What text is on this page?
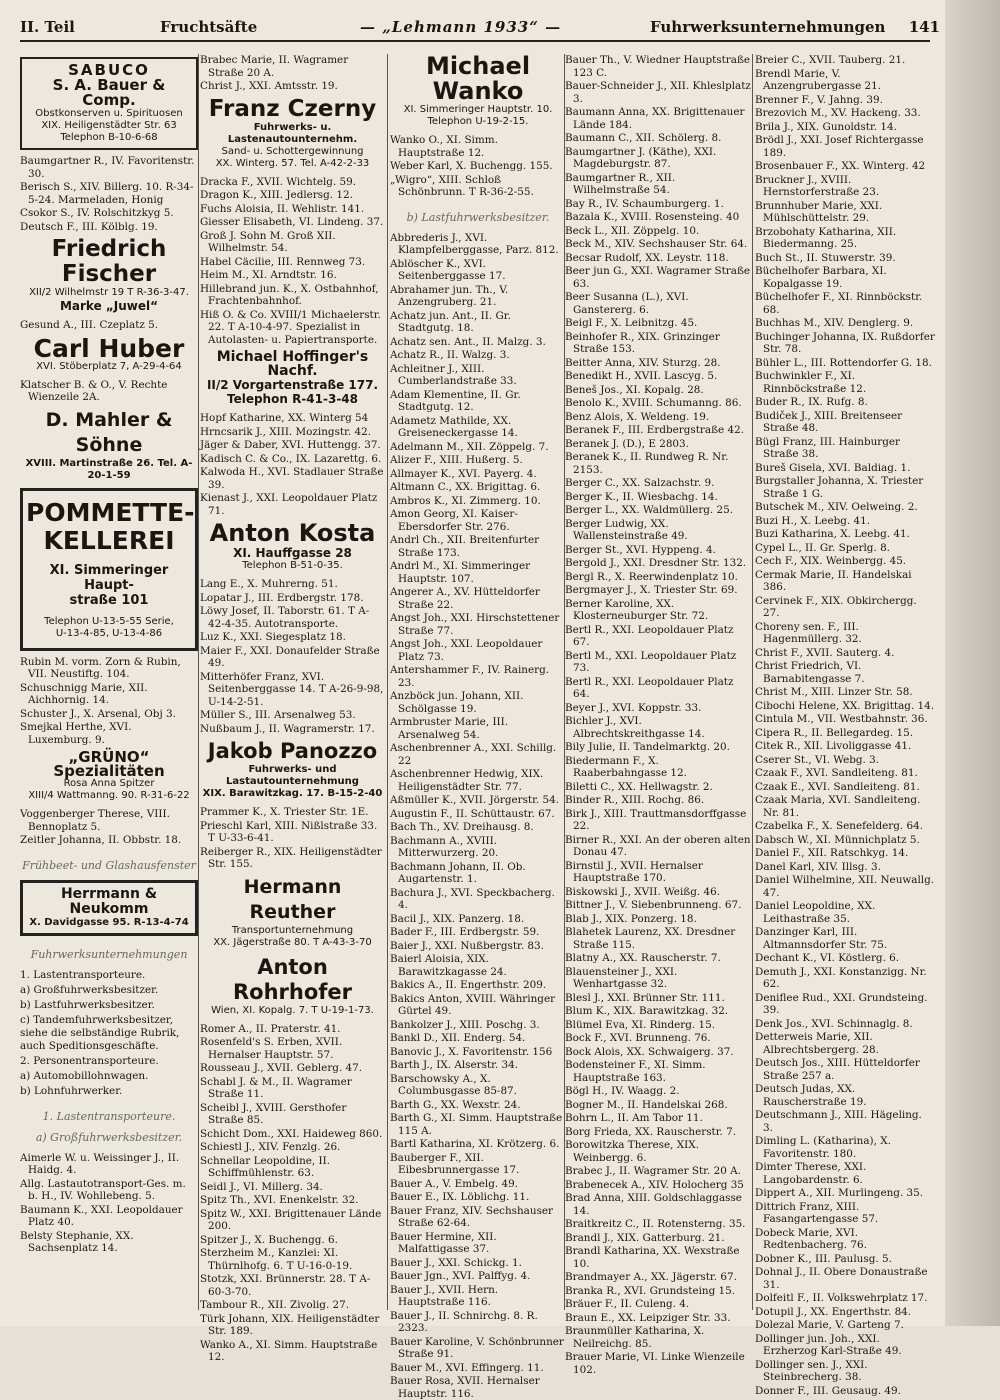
II. Teil	Fruchtsäfte	— „Lehmann 1933“ —	Fuhrwerksunternehmungen 141
SABUCO
S. A. Bauer & Comp.
Obstkonserven u. Spirituosen
XIX. Heiligenstädter Str. 63
Telephon B-10-6-68
Baumgartner R., IV. Favoritenstr. 30.
Berisch S., XIV. Billerg. 10. R-34-5-24. Marmeladen, Honig
Csokor S., IV. Rolschitzkyg 5.
Deutsch F., III. Kölblg. 19.
Friedrich Fischer
XII/2 Wilhelmstr 19 T R-36-3-47.
Marke „Juwel“
Gesund A., III. Czeplatz 5.
Carl Huber
XVI. Stöberplatz 7, A-29-4-64
Klatscher B. & O., V. Rechte Wienzeile 2A.
D. Mahler & Söhne
XVIII. Martinstraße 26. Tel. A-20-1-59
POMMETTE-
KELLEREI
XI. Simmeringer Haupt-
straße 101
Telephon U-13-5-55 Serie,
U-13-4-85, U-13-4-86
Rubin M. vorm. Zorn & Rubin, VII. Neustiftg. 104.
Schuschnigg Marie, XII. Aichhornig. 14.
Schuster J., X. Arsenal, Obj 3.
Smejkal Herthe, XVI. Luxemburg. 9.
„GRÜNO“ Spezialitäten
Rosa Anna Spitzer
XIII/4 Wattmanng. 90. R-31-6-22
Voggenberger Therese, VIII. Bennoplatz 5.
Zeitler Johanna, II. Obbstr. 18.
Frühbeet- und Glashausfenster
Herrmann & Neukomm
X. Davidgasse 95. R-13-4-74
Fuhrwerksunternehmungen
1. Lastentransporteure.
a) Großfuhrwerksbesitzer.
b) Lastfuhrwerksbesitzer.
c) Tandemfuhrwerksbesitzer, siehe die selbständige Rubrik, auch Speditionsgeschäfte.
2. Personentransporteure.
a) Automobillohnwagen.
b) Lohnfuhrwerker.
1. Lastentransporteure.
a) Großfuhrwerksbesitzer.
Aimerle W. u. Weissinger J., II. Haidg. 4.
Allg. Lastautotransport-Ges. m. b. H., IV. Wohllebeng. 5.
Baumann K., XXI. Leopoldauer Platz 40.
Belsty Stephanie, XX. Sachsenplatz 14.
Brabec Marie, II. Wagramer Straße 20 A.
Christ J., XXI. Amtsstr. 19.
Franz Czerny
Fuhrwerks- u. Lastenautounternehm.
Sand- u. Schottergewinnung
XX. Winterg. 57. Tel. A-42-2-33
Dracka F., XVII. Wichtelg. 59.
Dragon K., XIII. Jedlersg. 12.
Fuchs Aloisia, II. Wehlistr. 141.
Giesser Elisabeth, VI. Lindeng. 37.
Groß J. Sohn M. Groß XII. Wilhelmstr. 54.
Habel Cäcilie, III. Rennweg 73.
Heim M., XI. Arndtstr. 16.
Hillebrand jun. K., X. Ostbahnhof, Frachtenbahnhof.
Hiß O. & Co. XVIII/1 Michaelerstr. 22. T A-10-4-97. Spezialist in Autolasten- u. Papiertransporte.
Michael Hoffinger's Nachf.
II/2 Vorgartenstraße 177.
Telephon R-41-3-48
Hopf Katharine, XX. Winterg 54
Hrncsarik J., XIII. Mozingstr. 42.
Jäger & Daber, XVI. Huttengg. 37.
Kadisch C. & Co., IX. Lazarettg. 6.
Kalwoda H., XVI. Stadlauer Straße 39.
Kienast J., XXI. Leopoldauer Platz 71.
Anton Kosta
XI. Hauffgasse 28
Telephon B-51-0-35.
Lang E., X. Muhrerng. 51.
Lopatar J., III. Erdbergstr. 178.
Löwy Josef, II. Taborstr. 61. T A-42-4-35. Autotransporte.
Luz K., XXI. Siegesplatz 18.
Maier F., XXI. Donaufelder Straße 49.
Mitterhöfer Franz, XVI. Seitenberggasse 14. T A-26-9-98, U-14-2-51.
Müller S., III. Arsenalweg 53.
Nußbaum J., II. Wagramerstr. 17.
Jakob Panozzo
Fuhrwerks- und Lastautounternehmung
XIX. Barawitzkag. 17. B-15-2-40
Prammer K., X. Triester Str. 1E.
Prieschl Karl, XIII. Nißlstraße 33. T U-33-6-41.
Reiberger R., XIX. Heiligenstädter Str. 155.
Hermann Reuther
Transportunternehmung
XX. Jägerstraße 80. T A-43-3-70
Anton Rohrhofer
Wien, XI. Kopalg. 7. T U-19-1-73.
Romer A., II. Praterstr. 41.
Rosenfeld's S. Erben, XVII. Hernalser Hauptstr. 57.
Rousseau J., XVII. Geblerg. 47.
Schabl J. & M., II. Wagramer Straße 11.
Scheibl J., XVIII. Gersthofer Straße 85.
Schicht Dom., XXI. Haideweg 860.
Schiestl J., XIV. Fenzlg. 26.
Schnellar Leopoldine, II. Schiffmühlenstr. 63.
Seidl J., VI. Millerg. 34.
Spitz Th., XVI. Enenkelstr. 32.
Spitz W., XXI. Brigittenauer Lände 200.
Spitzer J., X. Buchengg. 6.
Sterzheim M., Kanzlei: XI. Thürnlhofg. 6. T U-16-0-19.
Stotzk, XXI. Brünnerstr. 28. T A-60-3-70.
Tambour R., XII. Zivolig. 27.
Türk Johann, XIX. Heiligenstädter Str. 189.
Wanko A., XI. Simm. Hauptstraße 12.
Michael Wanko
XI. Simmeringer Hauptstr. 10.
Telephon U-19-2-15.
Wanko O., XI. Simm. Hauptstraße 12.
Weber Karl, X. Buchengg. 155.
„Wigro“, XIII. Schloß Schönbrunn. T R-36-2-55.
b) Lastfuhrwerksbesitzer.
Abbrederis J., XVI. Klampfelberggasse, Parz. 812.
Ablöscher K., XVI. Seitenberggasse 17.
Abrahamer jun. Th., V. Anzengruberg. 21.
Achatz jun. Ant., II. Gr. Stadtgutg. 18.
Achatz sen. Ant., II. Malzg. 3.
Achatz R., II. Walzg. 3.
Achleitner J., XIII. Cumberlandstraße 33.
Adam Klementine, II. Gr. Stadtgutg. 12.
Adametz Mathilde, XX. Greiseneckergasse 14.
Adelmann M., XII. Zöppelg. 7.
Alizer F., XIII. Hußerg. 5.
Allmayer K., XVI. Payerg. 4.
Altmann C., XX. Brigittag. 6.
Ambros K., XI. Zimmerg. 10.
Amon Georg, XI. Kaiser-Ebersdorfer Str. 276.
Andrl Ch., XII. Breitenfurter Straße 173.
Andrl M., XI. Simmeringer Hauptstr. 107.
Angerer A., XV. Hütteldorfer Straße 22.
Angst Joh., XXI. Hirschstettener Straße 77.
Angst Joh., XXI. Leopoldauer Platz 73.
Antershammer F., IV. Rainerg. 23.
Anzböck jun. Johann, XII. Schölgasse 19.
Armbruster Marie, III. Arsenalweg 54.
Aschenbrenner A., XXI. Schillg. 22
Aschenbrenner Hedwig, XIX. Heiligenstädter Str. 77.
Aßmüller K., XVII. Jörgerstr. 54.
Augustin F., II. Schüttaustr. 67.
Bach Th., XV. Dreihausg. 8.
Bachmann A., XVIII. Mitterwurzerg. 20.
Bachmann Johann, II. Ob. Augartenstr. 1.
Bachura J., XVI. Speckbacherg. 4.
Bacil J., XIX. Panzerg. 18.
Bader F., III. Erdbergstr. 59.
Baier J., XXI. Nußbergstr. 83.
Baierl Aloisia, XIX. Barawitzkagasse 24.
Bakics A., II. Engerthstr. 209.
Bakics Anton, XVIII. Währinger Gürtel 49.
Bankolzer J., XIII. Poschg. 3.
Bankl D., XII. Enderg. 54.
Banovic J., X. Favoritenstr. 156
Barth J., IX. Alserstr. 34.
Barschowsky A., X. Columbusgasse 85-87.
Barth G., XX. Wexstr. 24.
Barth G., XI. Simm. Hauptstraße 115 A.
Bartl Katharina, XI. Krötzerg. 6.
Bauberger F., XII. Eibesbrunnergasse 17.
Bauer A., V. Embelg. 49.
Bauer E., IX. Löblichg. 11.
Bauer Franz, XIV. Sechshauser Straße 62-64.
Bauer Hermine, XII. Malfattigasse 37.
Bauer J., XXI. Schickg. 1.
Bauer Jgn., XVI. Palffyg. 4.
Bauer J., XVII. Hern. Hauptstraße 116.
Bauer J., II. Schnirchg. 8. R. 2323.
Bauer Karoline, V. Schönbrunner Straße 91.
Bauer M., XVI. Effingerg. 11.
Bauer Rosa, XVII. Hernalser Hauptstr. 116.
Bauer Th., V. Wiedner Hauptstraße 123 C.
Bauer-Schneider J., XII. Khleslplatz 3.
Baumann Anna, XX. Brigittenauer Lände 184.
Baumann C., XII. Schölerg. 8.
Baumgartner J. (Käthe), XXI. Magdeburgstr. 87.
Baumgartner R., XII. Wilhelmstraße 54.
Bay R., IV. Schaumburgerg. 1.
Bazala K., XVIII. Rosensteing. 40
Beck L., XII. Zöppelg. 10.
Beck M., XIV. Sechshauser Str. 64.
Becsar Rudolf, XX. Leystr. 118.
Beer jun G., XXI. Wagramer Straße 63.
Beer Susanna (L.), XVI. Ganstererg. 6.
Beigl F., X. Leibnitzg. 45.
Beinhofer R., XIX. Grinzinger Straße 153.
Beitter Anna, XIV. Sturzg. 28.
Benedikt H., XVII. Lascyg. 5.
Beneš Jos., XI. Kopalg. 28.
Benolo K., XVIII. Schumanng. 86.
Benz Alois, X. Weldeng. 19.
Beranek F., III. Erdbergstraße 42.
Beranek J. (D.), E 2803.
Beranek K., II. Rundweg R. Nr. 2153.
Berger C., XX. Salzachstr. 9.
Berger K., II. Wiesbachg. 14.
Berger L., XX. Waldmüllerg. 25.
Berger Ludwig, XX. Wallensteinstraße 49.
Berger St., XVI. Hyppeng. 4.
Bergold J., XXI. Dresdner Str. 132.
Bergl R., X. Reerwindenplatz 10.
Bergmayer J., X. Triester Str. 69.
Berner Karoline, XX. Klosterneuburger Str. 72.
Bertl R., XXI. Leopoldauer Platz 67.
Bertl M., XXI. Leopoldauer Platz 73.
Bertl R., XXI. Leopoldauer Platz 64.
Beyer J., XVI. Koppstr. 33.
Bichler J., XVI. Albrechtskreithgasse 14.
Bily Julie, II. Tandelmarktg. 20.
Biedermann F., X. Raaberbahngasse 12.
Biletti C., XX. Hellwagstr. 2.
Binder R., XIII. Rochg. 86.
Birk J., XIII. Trauttmansdorffgasse 22.
Birner R., XXI. An der oberen alten Donau 47.
Birnstil J., XVII. Hernalser Hauptstraße 170.
Biskowski J., XVII. Weißg. 46.
Bittner J., V. Siebenbrunneng. 67.
Blab J., XIX. Ponzerg. 18.
Blahetek Laurenz, XX. Dresdner Straße 115.
Blatny A., XX. Rauscherstr. 7.
Blauensteiner J., XXI. Wenhartgasse 32.
Blesl J., XXI. Brünner Str. 111.
Blum K., XIX. Barawitzkag. 32.
Blümel Eva, XI. Rinderg. 15.
Bock F., XVI. Brunneng. 76.
Bock Alois, XX. Schwaigerg. 37.
Bodensteiner F., XI. Simm. Hauptstraße 163.
Bögl H., IV. Waagg. 2.
Bogner M., II. Handelskai 268.
Bohrn L., II. Am Tabor 11.
Borg Frieda, XX. Rauscherstr. 7.
Borowitzka Therese, XIX. Weinbergg. 6.
Brabec J., II. Wagramer Str. 20 A.
Brabenecek A., XIV. Holocherg 35
Brad Anna, XIII. Goldschlaggasse 14.
Braitkreitz C., II. Rotensterng. 35.
Brandl J., XIX. Gatterburg. 21.
Brandl Katharina, XX. Wexstraße 10.
Brandmayer A., XX. Jägerstr. 67.
Branka R., XVI. Grundsteing 15.
Bräuer F., II. Culeng. 4.
Braun E., XX. Leipziger Str. 33.
Braunmüller Katharina, X. Neilreichg. 85.
Brauer Marie, VI. Linke Wienzeile 102.
Breier C., XVII. Tauberg. 21.
Brendl Marie, V. Anzengrubergasse 21.
Brenner F., V. Jahng. 39.
Brezovich M., XV. Hackeng. 33.
Brila J., XIX. Gunoldstr. 14.
Brödl J., XXI. Josef Richtergasse 189.
Brosenbauer F., XX. Winterg. 42
Bruckner J., XVIII. Hernstorferstraße 23.
Brunnhuber Marie, XXI. Mühlschüttelstr. 29.
Brzobohaty Katharina, XII. Biedermanng. 25.
Buch St., II. Stuwerstr. 39.
Büchelhofer Barbara, XI. Kopalgasse 19.
Büchelhofer F., XI. Rinnböckstr. 68.
Buchhas M., XIV. Denglerg. 9.
Buchinger Johanna, IX. Rußdorfer Str. 78.
Bühler L., III. Rottendorfer G. 18.
Buchwinkler F., XI. Rinnböckstraße 12.
Buder R., IX. Rufg. 8.
Budiček J., XIII. Breitenseer Straße 48.
Bügl Franz, III. Hainburger Straße 38.
Bureš Gisela, XVI. Baldiag. 1.
Burgstaller Johanna, X. Triester Straße 1 G.
Butschek M., XIV. Oelweing. 2.
Buzi H., X. Leebg. 41.
Buzi Katharina, X. Leebg. 41.
Cypel L., II. Gr. Sperlg. 8.
Cech F., XIX. Weinbergg. 45.
Cermak Marie, II. Handelskai 386.
Cervinek F., XIX. Obkirchergg. 27.
Choreny sen. F., III. Hagenmüllerg. 32.
Christ F., XVII. Sauterg. 4.
Christ Friedrich, VI. Barnabitengasse 7.
Christ M., XIII. Linzer Str. 58.
Cibochi Helene, XX. Brigittag. 14.
Cintula M., VII. Westbahnstr. 36.
Cipera R., II. Bellegardeg. 15.
Citek R., XII. Livoliggasse 41.
Cserer St., VI. Webg. 3.
Czaak F., XVI. Sandleiteng. 81.
Czaak E., XVI. Sandleiteng. 81.
Czaak Maria, XVI. Sandleiteng. Nr. 81.
Czabelka F., X. Senefelderg. 64.
Dabsch W., XI. Münnichplatz 5.
Daniel F., XII. Ratschkyg. 14.
Danel Karl, XIV. Illsg. 3.
Daniel Wilhelmine, XII. Neuwallg. 47.
Daniel Leopoldine, XX. Leithastraße 35.
Danzinger Karl, III. Altmannsdorfer Str. 75.
Dechant K., VI. Köstlerg. 6.
Demuth J., XXI. Konstanzigg. Nr. 62.
Deniflee Rud., XXI. Grundsteing. 39.
Denk Jos., XVI. Schinnaglg. 8.
Detterweis Marie, XII. Albrechtsbergerg. 28.
Deutsch Jos., XIII. Hütteldorfer Straße 257 a.
Deutsch Judas, XX. Rauscherstraße 19.
Deutschmann J., XIII. Hägeling. 3.
Dimling L. (Katharina), X. Favoritenstr. 180.
Dimter Therese, XXI. Langobardenstr. 6.
Dippert A., XII. Murlingeng. 35.
Dittrich Franz, XIII. Fasangartengasse 57.
Dobeck Marie, XVI. Redtenbacherg. 76.
Dobner K., III. Paulusg. 5.
Dohnal J., II. Obere Donaustraße 31.
Dolfeitl F., II. Volkswehrplatz 17.
Dotupil J., XX. Engerthstr. 84.
Dolezal Marie, V. Garteng 7.
Dollinger jun. Joh., XXI. Erzherzog Karl-Straße 49.
Dollinger sen. J., XXI. Steinbrecherg. 38.
Donner F., III. Geusaug. 49.
